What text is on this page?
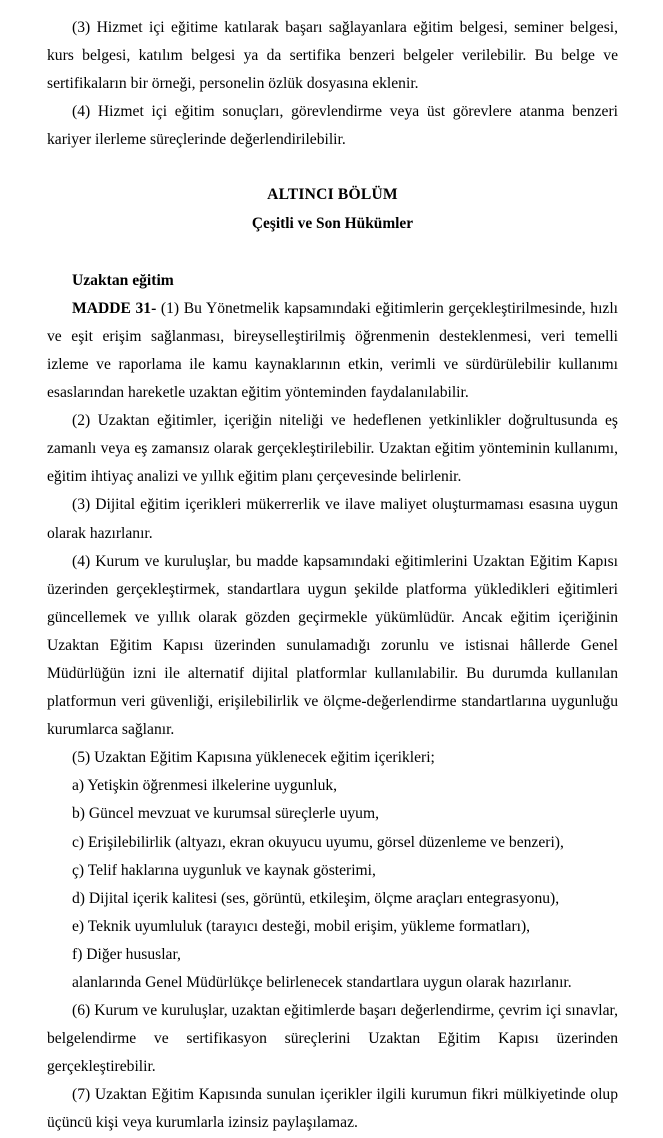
(3) Hizmet içi eğitime katılarak başarı sağlayanlara eğitim belgesi, seminer belgesi, kurs belgesi, katılım belgesi ya da sertifika benzeri belgeler verilebilir. Bu belge ve sertifikaların bir örneği, personelin özlük dosyasına eklenir.

(4) Hizmet içi eğitim sonuçları, görevlendirme veya üst görevlere atanma benzeri kariyer ilerleme süreçlerinde değerlendirilebilir.

ALTINCI BÖLÜM

Çeşitli ve Son Hükümler

Uzaktan eğitim

MADDE 31- (1) Bu Yönetmelik kapsamındaki eğitimlerin gerçekleştirilmesinde, hızlı ve eşit erişim sağlanması, bireyselleştirilmiş öğrenmenin desteklenmesi, veri temelli izleme ve raporlama ile kamu kaynaklarının etkin, verimli ve sürdürülebilir kullanımı esaslarından hareketle uzaktan eğitim yönteminden faydalanılabilir.

(2) Uzaktan eğitimler, içeriğin niteliği ve hedeflenen yetkinlikler doğrultusunda eş zamanlı veya eş zamansız olarak gerçekleştirilebilir. Uzaktan eğitim yönteminin kullanımı, eğitim ihtiyaç analizi ve yıllık eğitim planı çerçevesinde belirlenir.

(3) Dijital eğitim içerikleri mükerrerlik ve ilave maliyet oluşturmaması esasına uygun olarak hazırlanır.

(4) Kurum ve kuruluşlar, bu madde kapsamındaki eğitimlerini Uzaktan Eğitim Kapısı üzerinden gerçekleştirmek, standartlara uygun şekilde platforma yükledikleri eğitimleri güncellemek ve yıllık olarak gözden geçirmekle yükümlüdür. Ancak eğitim içeriğinin Uzaktan Eğitim Kapısı üzerinden sunulamadığı zorunlu ve istisnai hâllerde Genel Müdürlüğün izni ile alternatif dijital platformlar kullanılabilir. Bu durumda kullanılan platformun veri güvenliği, erişilebilirlik ve ölçme-değerlendirme standartlarına uygunluğu kurumlarca sağlanır.

(5) Uzaktan Eğitim Kapısına yüklenecek eğitim içerikleri;

a) Yetişkin öğrenmesi ilkelerine uygunluk,
b) Güncel mevzuat ve kurumsal süreçlerle uyum,
c) Erişilebilirlik (altyazı, ekran okuyucu uyumu, görsel düzenleme ve benzeri),
ç) Telif haklarına uygunluk ve kaynak gösterimi,
d) Dijital içerik kalitesi (ses, görüntü, etkileşim, ölçme araçları entegrasyonu),
e) Teknik uyumluluk (tarayıcı desteği, mobil erişim, yükleme formatları),
f) Diğer hususlar,

alanlarında Genel Müdürlükçe belirlenecek standartlara uygun olarak hazırlanır.

(6) Kurum ve kuruluşlar, uzaktan eğitimlerde başarı değerlendirme, çevrim içi sınavlar, belgelendirme ve sertifikasyon süreçlerini Uzaktan Eğitim Kapısı üzerinden gerçekleştirebilir.

(7) Uzaktan Eğitim Kapısında sunulan içerikler ilgili kurumun fikri mülkiyetinde olup üçüncü kişi veya kurumlarla izinsiz paylaşılamaz.
